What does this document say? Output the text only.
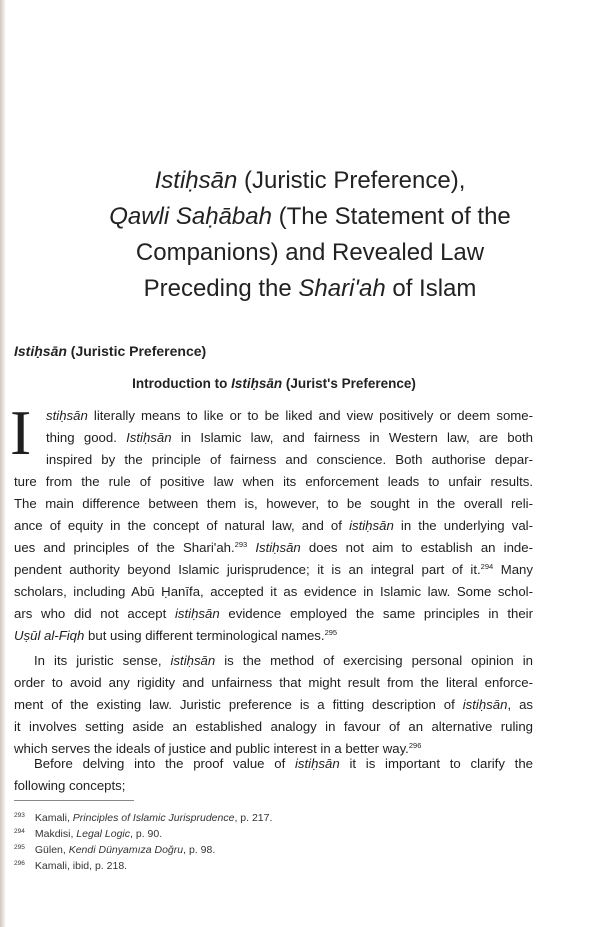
Istiḥsān (Juristic Preference),
Qawli Saḥābah (The Statement of the
Companions) and Revealed Law
Preceding the Shari'ah of Islam
Istiḥsān (Juristic Preference)
Introduction to Istiḥsān (Jurist's Preference)
I stiḥsān literally means to like or to be liked and view positively or deem some-
thing good. Istiḥsān in Islamic law, and fairness in Western law, are both
inspired by the principle of fairness and conscience. Both authorise depar-
ture from the rule of positive law when its enforcement leads to unfair results.
The main difference between them is, however, to be sought in the overall reli-
ance of equity in the concept of natural law, and of istiḥsān in the underlying val-
ues and principles of the Shari'ah.$^{293}$ Istiḥsān does not aim to establish an inde-
pendent authority beyond Islamic jurisprudence; it is an integral part of it.$^{294}$ Many
scholars, including Abū Ḥanīfa, accepted it as evidence in Islamic law. Some schol-
ars who did not accept istiḥsān evidence employed the same principles in their
Uṣūl al-Fiqh but using different terminological names.$^{295}$
In its juristic sense, istiḥsān is the method of exercising personal opinion in
order to avoid any rigidity and unfairness that might result from the literal enforce-
ment of the existing law. Juristic preference is a fitting description of istiḥsān, as
it involves setting aside an established analogy in favour of an alternative ruling
which serves the ideals of justice and public interest in a better way.$^{296}$
Before delving into the proof value of istiḥsān it is important to clarify the
following concepts;
$^{293}$ Kamali, Principles of Islamic Jurisprudence, p. 217.
$^{294}$ Makdisi, Legal Logic, p. 90.
$^{295}$ Gülen, Kendi Dünyamıza Doğru, p. 98.
$^{296}$ Kamali, ibid, p. 218.
